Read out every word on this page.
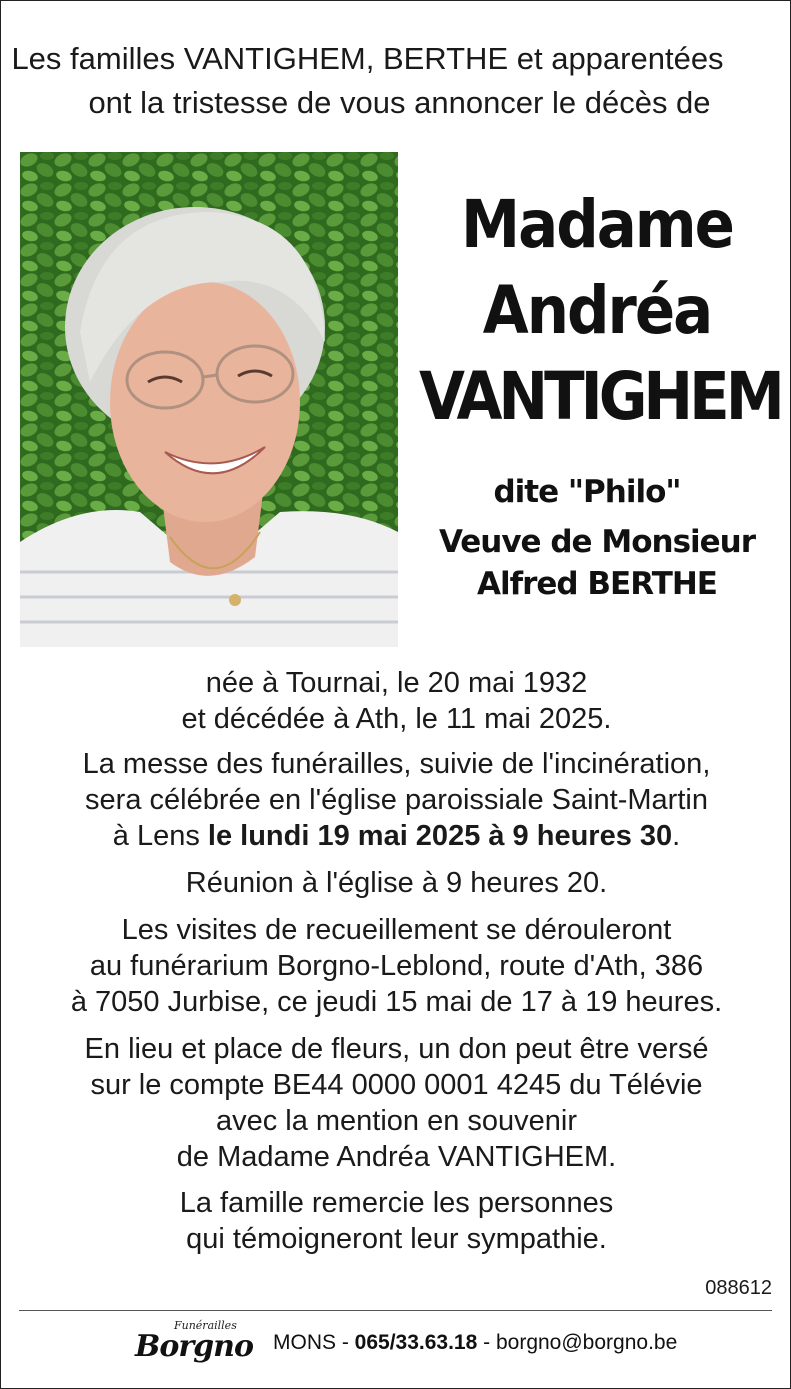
Les familles VANTIGHEM, BERTHE et apparentées
ont la tristesse de vous annoncer le décès de
Madame
Andréa
VANTIGHEM
dite "Philo"
Veuve de Monsieur
Alfred BERTHE
née à Tournai, le 20 mai 1932
et décédée à Ath, le 11 mai 2025.
La messe des funérailles, suivie de l'incinération,
sera célébrée en l'église paroissiale Saint-Martin
à Lens le lundi 19 mai 2025 à 9 heures 30.
Réunion à l'église à 9 heures 20.
Les visites de recueillement se dérouleront
au funérarium Borgno-Leblond, route d'Ath, 386
à 7050 Jurbise, ce jeudi 15 mai de 17 à 19 heures.
En lieu et place de fleurs, un don peut être versé
sur le compte BE44 0000 0001 4245 du Télévie
avec la mention en souvenir
de Madame Andréa VANTIGHEM.
La famille remercie les personnes
qui témoigneront leur sympathie.
088612
Funérailles
Borgno MONS - 065/33.63.18 - borgno@borgno.be
